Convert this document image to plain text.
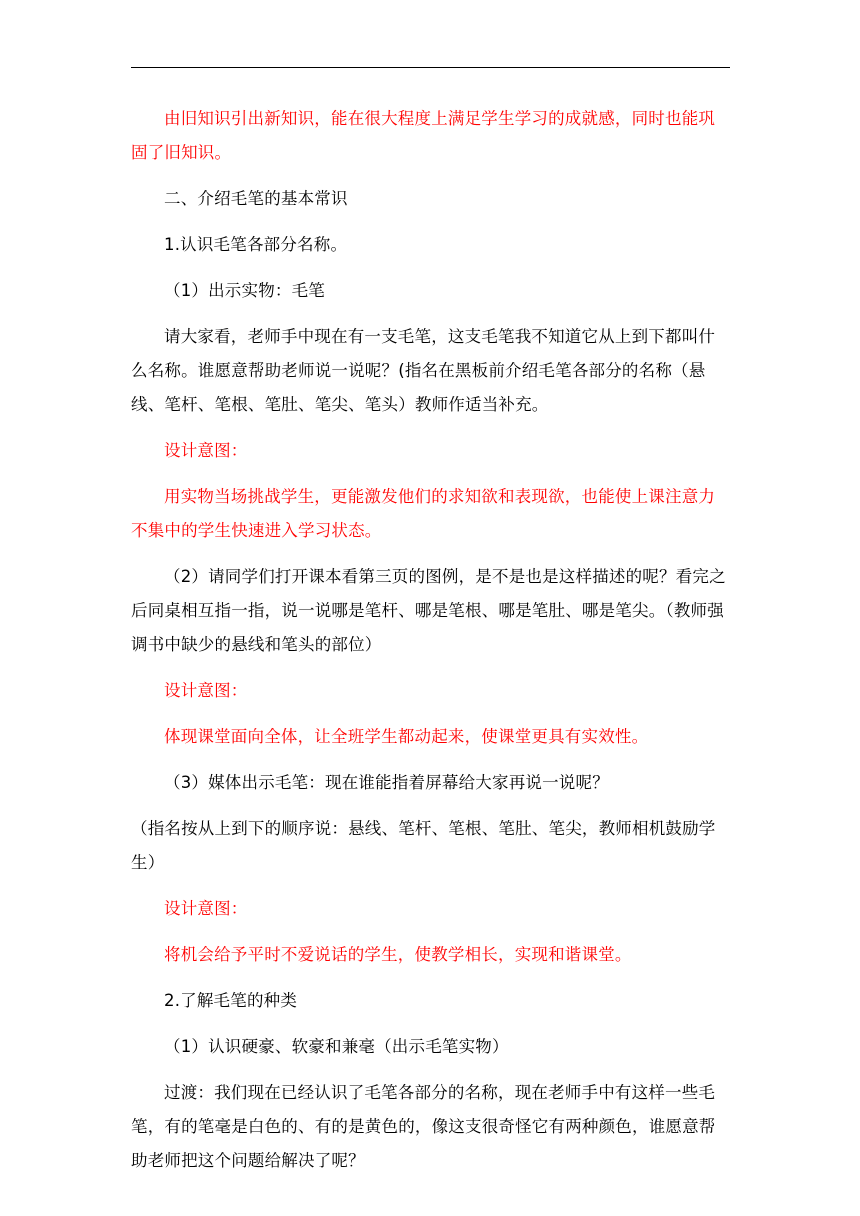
由旧知识引出新知识，能在很大程度上满足学生学习的成就感，同时也能巩固了旧知识。

二、介绍毛笔的基本常识

1.认识毛笔各部分名称。

（1）出示实物：毛笔

请大家看，老师手中现在有一支毛笔，这支毛笔我不知道它从上到下都叫什么名称。谁愿意帮助老师说一说呢？(指名在黑板前介绍毛笔各部分的名称（悬线、笔杆、笔根、笔肚、笔尖、笔头）教师作适当补充。

设计意图：

用实物当场挑战学生，更能激发他们的求知欲和表现欲，也能使上课注意力不集中的学生快速进入学习状态。

（2）请同学们打开课本看第三页的图例，是不是也是这样描述的呢？看完之后同桌相互指一指，说一说哪是笔杆、哪是笔根、哪是笔肚、哪是笔尖。（教师强调书中缺少的悬线和笔头的部位）

设计意图：

体现课堂面向全体，让全班学生都动起来，使课堂更具有实效性。

（3）媒体出示毛笔：现在谁能指着屏幕给大家再说一说呢？

（指名按从上到下的顺序说：悬线、笔杆、笔根、笔肚、笔尖，教师相机鼓励学生）

设计意图：

将机会给予平时不爱说话的学生，使教学相长，实现和谐课堂。

2.了解毛笔的种类

（1）认识硬豪、软豪和兼毫（出示毛笔实物）

过渡：我们现在已经认识了毛笔各部分的名称，现在老师手中有这样一些毛笔，有的笔毫是白色的、有的是黄色的，像这支很奇怪它有两种颜色，谁愿意帮助老师把这个问题给解决了呢？
